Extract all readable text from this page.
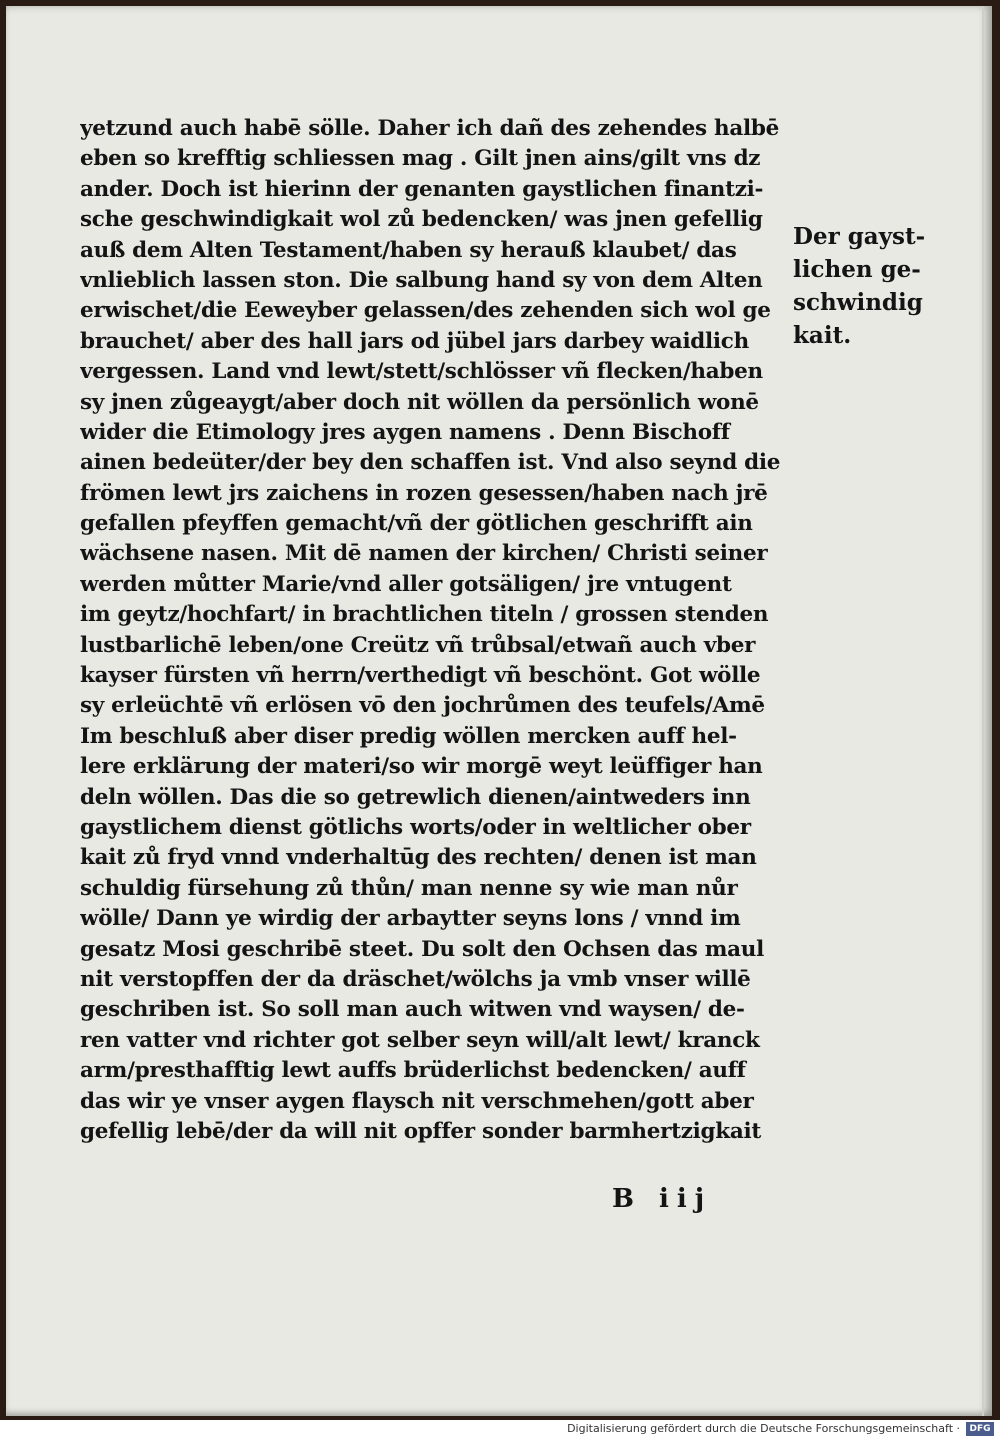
yetzund auch habē sölle. Daher ich dañ des zehendes halbē
eben so krefftig schliessen mag . Gilt jnen ains/gilt vns dz
ander. Doch ist hierinn der genanten gaystlichen finantzi-
sche geschwindigkait wol zů bedencken/ was jnen gefellig
auß dem Alten Testament/haben sy herauß klaubet/ das
vnlieblich lassen ston. Die salbung hand sy von dem Alten
erwischet/die Eeweyber gelassen/des zehenden sich wol ge
brauchet/ aber des hall jars od jübel jars darbey waidlich
vergessen. Land vnd lewt/stett/schlösser vñ flecken/haben
sy jnen zůgeaygt/aber doch nit wöllen da persönlich wonē
wider die Etimology jres aygen namens . Denn Bischoff
ainen bedeüter/der bey den schaffen ist. Vnd also seynd die
frömen lewt jrs zaichens in rozen gesessen/haben nach jrē
gefallen pfeyffen gemacht/vñ der götlichen geschrifft ain
wächsene nasen. Mit dē namen der kirchen/ Christi seiner
werden můtter Marie/vnd aller gotsäligen/ jre vntugent
im geytz/hochfart/ in brachtlichen titeln / grossen stenden
lustbarlichē leben/one Creütz vñ trůbsal/etwañ auch vber
kayser fürsten vñ herrn/verthedigt vñ beschönt. Got wölle
sy erleüchtē vñ erlösen vō den jochrůmen des teufels/Amē
Im beschluß aber diser predig wöllen mercken auff hel-
lere erklärung der materi/so wir morgē weyt leüffiger han
deln wöllen. Das die so getrewlich dienen/aintweders inn
gaystlichem dienst götlichs worts/oder in weltlicher ober
kait zů fryd vnnd vnderhaltūg des rechten/ denen ist man
schuldig fürsehung zů thůn/ man nenne sy wie man nůr
wölle/ Dann ye wirdig der arbaytter seyns lons / vnnd im
gesatz Mosi geschribē steet. Du solt den Ochsen das maul
nit verstopffen der da dräschet/wölchs ja vmb vnser willē
geschriben ist. So soll man auch witwen vnd waysen/ de-
ren vatter vnd richter got selber seyn will/alt lewt/ kranck
arm/presthafftig lewt auffs brüderlichst bedencken/ auff
das wir ye vnser aygen flaysch nit verschmehen/gott aber
gefellig lebē/der da will nit opffer sonder barmhertzigkait
Der gayst-
lichen ge-
schwindig
kait.
B iij
Digitalisierung gefördert durch die Deutsche Forschungsgemeinschaft ·	DFG
